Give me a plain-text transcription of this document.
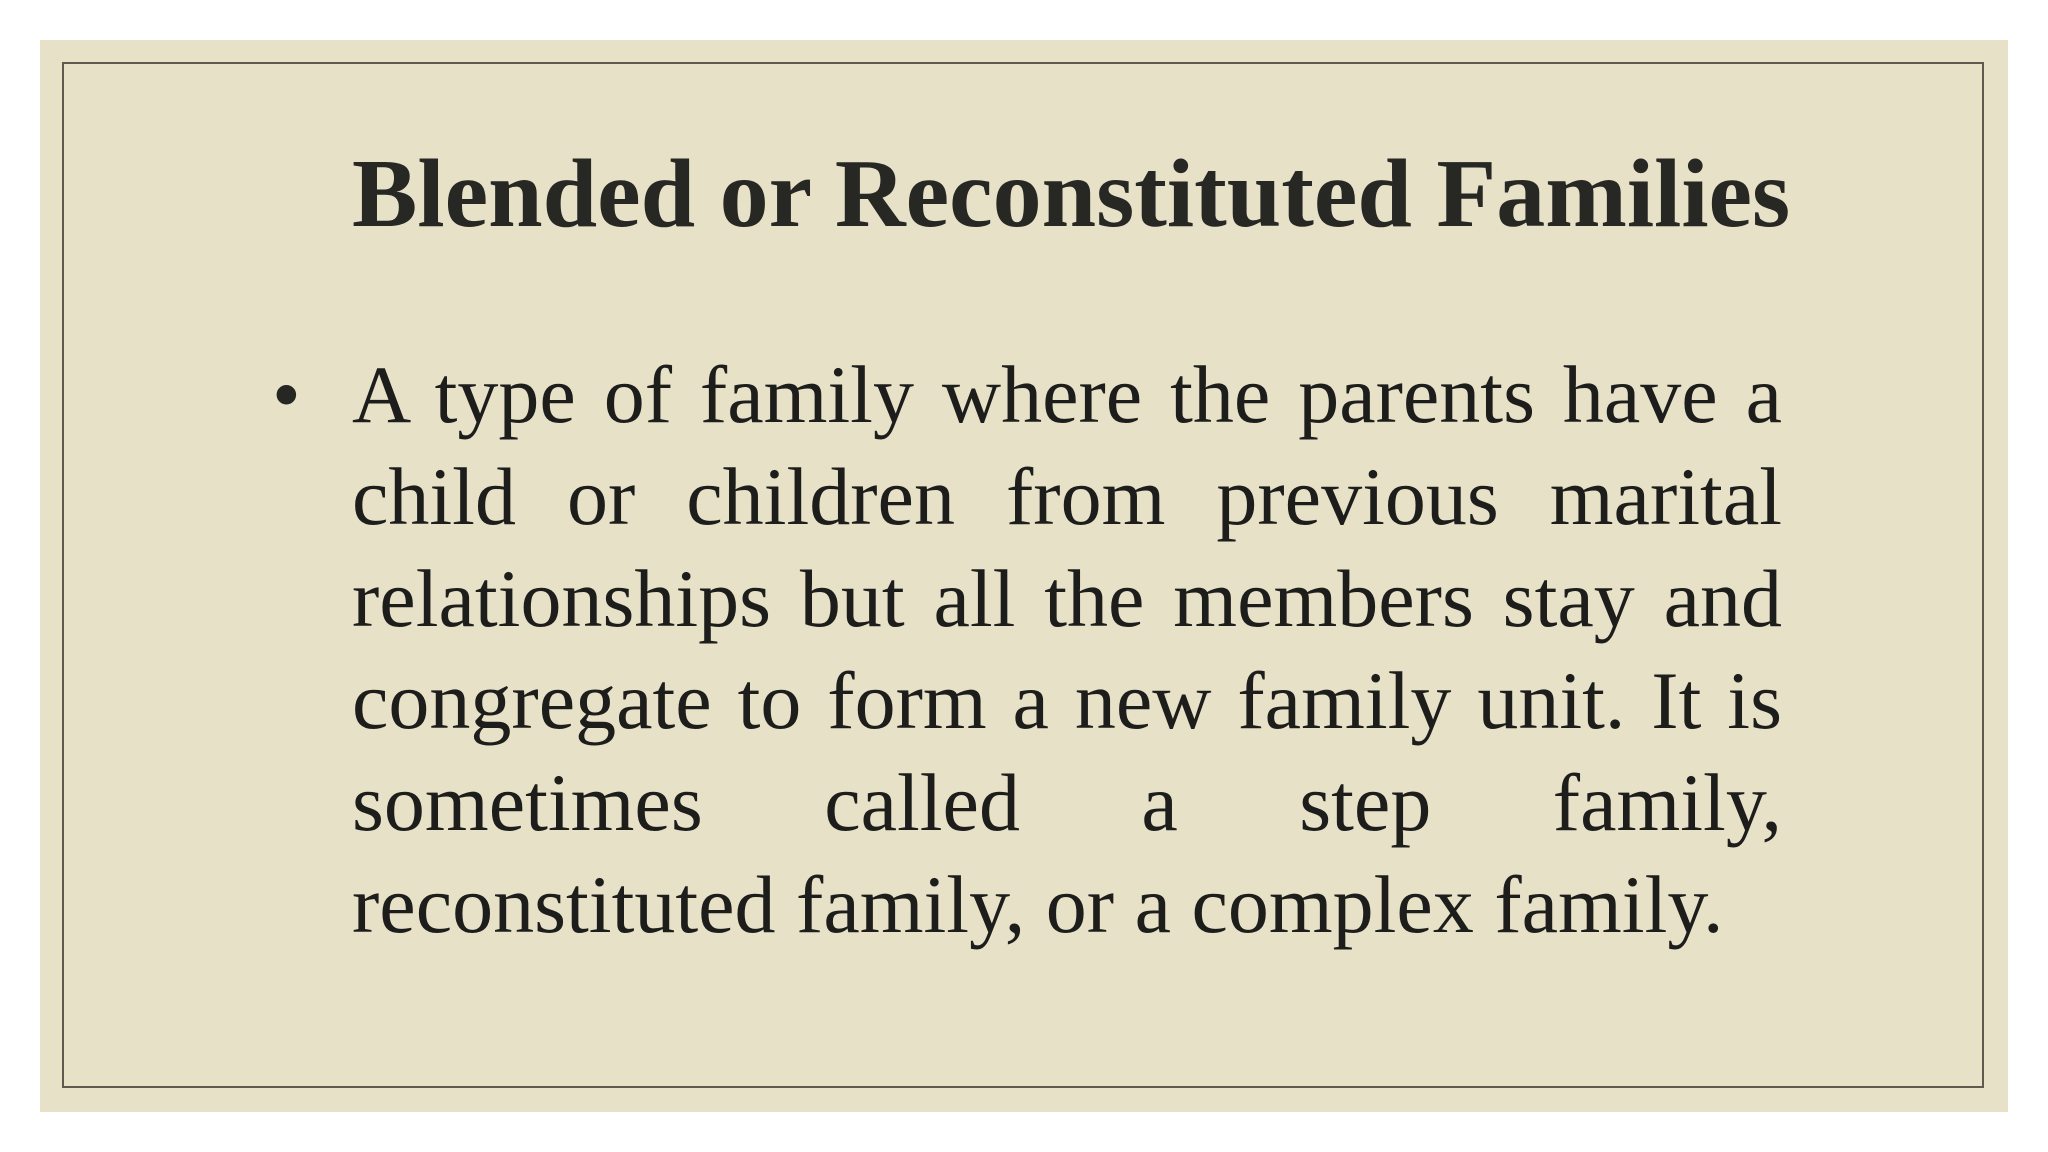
Blended or Reconstituted Families
• A type of family where the parents have a child or children from previous marital relationships but all the members stay and congregate to form a new family unit. It is sometimes called a step family, reconstituted family, or a complex family.
